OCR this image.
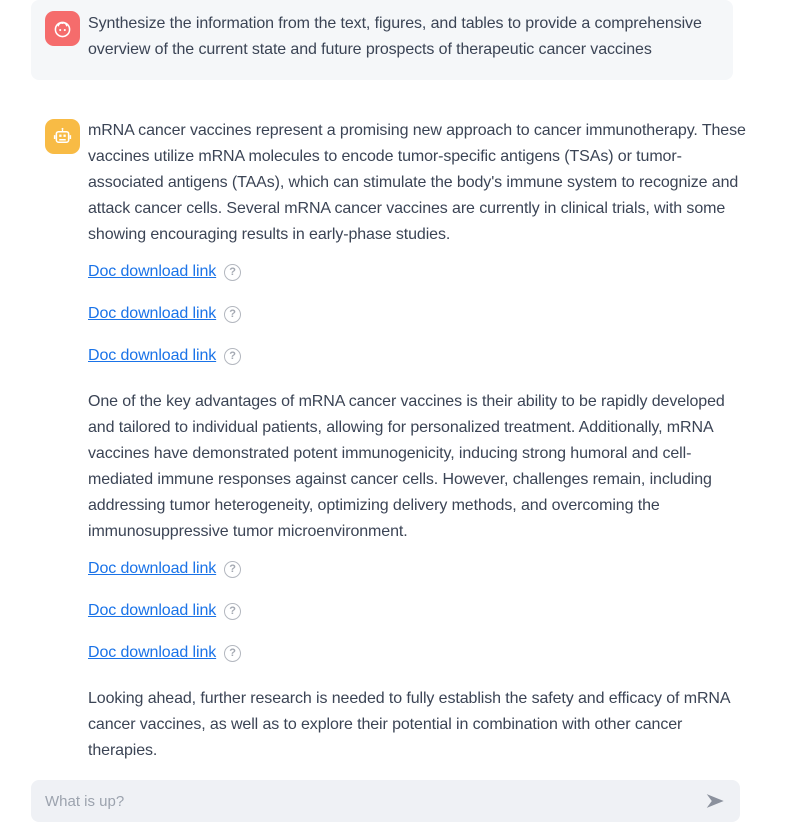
Synthesize the information from the text, figures, and tables to provide a comprehensive overview of the current state and future prospects of therapeutic cancer vaccines

mRNA cancer vaccines represent a promising new approach to cancer immunotherapy. These vaccines utilize mRNA molecules to encode tumor-specific antigens (TSAs) or tumor-associated antigens (TAAs), which can stimulate the body's immune system to recognize and attack cancer cells. Several mRNA cancer vaccines are currently in clinical trials, with some showing encouraging results in early-phase studies.

Doc download link	?
Doc download link	?
Doc download link	?

One of the key advantages of mRNA cancer vaccines is their ability to be rapidly developed and tailored to individual patients, allowing for personalized treatment. Additionally, mRNA vaccines have demonstrated potent immunogenicity, inducing strong humoral and cell-mediated immune responses against cancer cells. However, challenges remain, including addressing tumor heterogeneity, optimizing delivery methods, and overcoming the immunosuppressive tumor microenvironment.

Doc download link	?
Doc download link	?
Doc download link	?

Looking ahead, further research is needed to fully establish the safety and efficacy of mRNA cancer vaccines, as well as to explore their potential in combination with other cancer therapies.

What is up?
